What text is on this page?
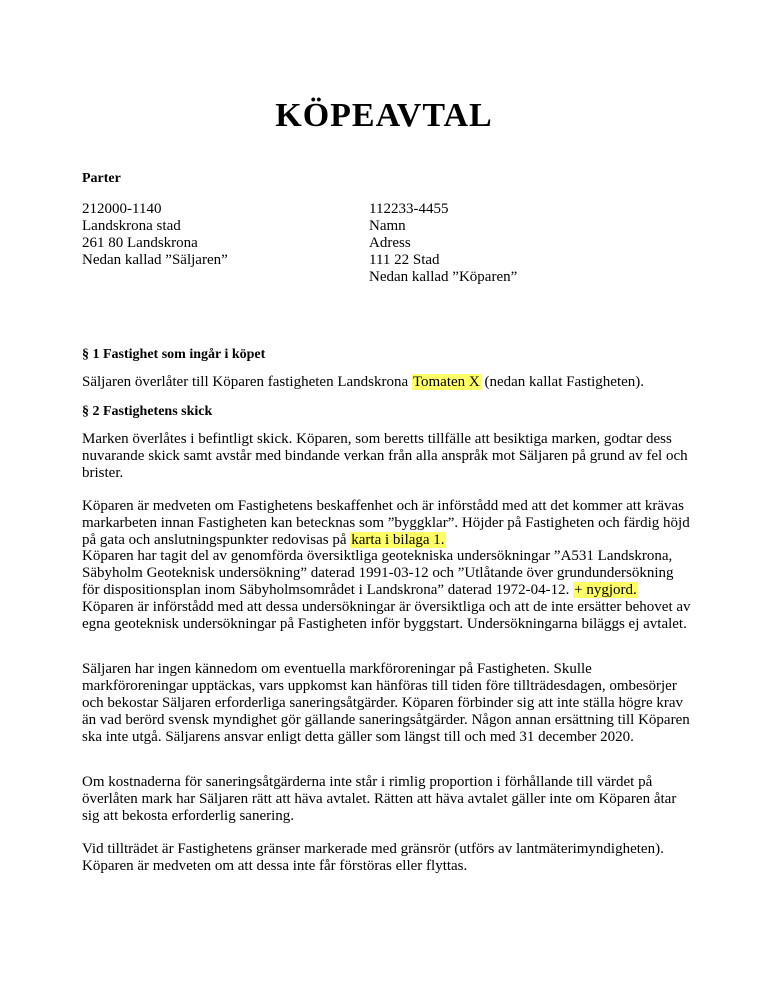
KÖPEAVTAL
Parter
212000-1140
Landskrona stad
261 80 Landskrona
Nedan kallad ”Säljaren”
112233-4455
Namn
Adress
111 22 Stad
Nedan kallad ”Köparen”
§ 1 Fastighet som ingår i köpet
Säljaren överlåter till Köparen fastigheten Landskrona Tomaten X (nedan kallat Fastigheten).
§ 2 Fastighetens skick
Marken överlåtes i befintligt skick. Köparen, som beretts tillfälle att besiktiga marken, godtar dess nuvarande skick samt avstår med bindande verkan från alla anspråk mot Säljaren på grund av fel och brister.
Köparen är medveten om Fastighetens beskaffenhet och är införstådd med att det kommer att krävas markarbeten innan Fastigheten kan betecknas som ”byggklar”. Höjder på Fastigheten och färdig höjd på gata och anslutningspunkter redovisas på karta i bilaga 1.
Köparen har tagit del av genomförda översiktliga geotekniska undersökningar ”A531 Landskrona, Säbyholm Geoteknisk undersökning” daterad 1991-03-12 och ”Utlåtande över grundundersökning för dispositionsplan inom Säbyholmsområdet i Landskrona” daterad 1972-04-12. + nygjord. Köparen är införstådd med att dessa undersökningar är översiktliga och att de inte ersätter behovet av egna geoteknisk undersökningar på Fastigheten inför byggstart. Undersökningarna biläggs ej avtalet.
Säljaren har ingen kännedom om eventuella markföroreningar på Fastigheten. Skulle markföroreningar upptäckas, vars uppkomst kan hänföras till tiden före tillträdesdagen, ombesörjer och bekostar Säljaren erforderliga saneringsåtgärder. Köparen förbinder sig att inte ställa högre krav än vad berörd svensk myndighet gör gällande saneringsåtgärder. Någon annan ersättning till Köparen ska inte utgå. Säljarens ansvar enligt detta gäller som längst till och med 31 december 2020.
Om kostnaderna för saneringsåtgärderna inte står i rimlig proportion i förhållande till värdet på överlåten mark har Säljaren rätt att häva avtalet. Rätten att häva avtalet gäller inte om Köparen åtar sig att bekosta erforderlig sanering.
Vid tillträdet är Fastighetens gränser markerade med gränsrör (utförs av lantmäterimyndigheten). Köparen är medveten om att dessa inte får förstöras eller flyttas.
